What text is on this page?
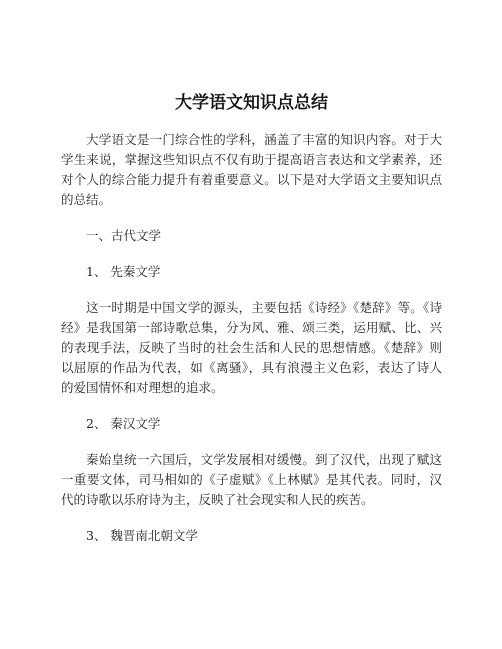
大学语文知识点总结

大学语文是一门综合性的学科，涵盖了丰富的知识内容。对于大学生来说，掌握这些知识点不仅有助于提高语言表达和文学素养，还对个人的综合能力提升有着重要意义。以下是对大学语文主要知识点的总结。

一、古代文学

1、 先秦文学

这一时期是中国文学的源头，主要包括《诗经》《楚辞》等。《诗经》是我国第一部诗歌总集，分为风、雅、颂三类，运用赋、比、兴的表现手法，反映了当时的社会生活和人民的思想情感。《楚辞》则以屈原的作品为代表，如《离骚》，具有浪漫主义色彩，表达了诗人的爱国情怀和对理想的追求。

2、 秦汉文学

秦始皇统一六国后，文学发展相对缓慢。到了汉代，出现了赋这一重要文体，司马相如的《子虚赋》《上林赋》是其代表。同时，汉代的诗歌以乐府诗为主，反映了社会现实和人民的疾苦。

3、 魏晋南北朝文学
